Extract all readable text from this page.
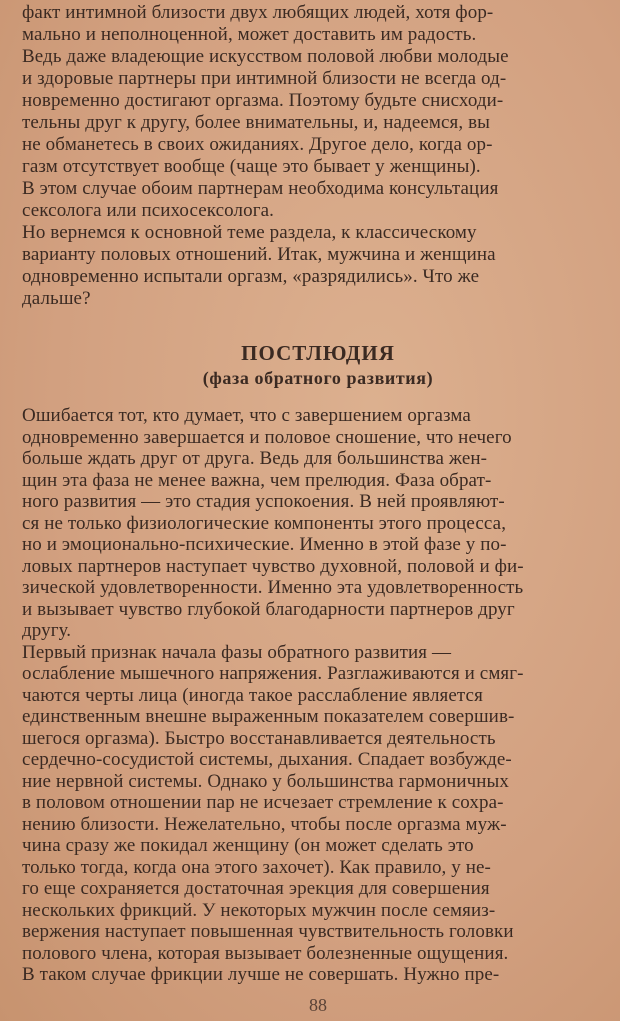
факт интимной близости двух любящих людей, хотя фор-
мально и неполноценной, может доставить им радость.
Ведь даже владеющие искусством половой любви молодые
и здоровые партнеры при интимной близости не всегда од-
новременно достигают оргазма. Поэтому будьте снисходи-
тельны друг к другу, более внимательны, и, надеемся, вы
не обманетесь в своих ожиданиях. Другое дело, когда ор-
газм отсутствует вообще (чаще это бывает у женщины).
В этом случае обоим партнерам необходима консультация
сексолога или психосексолога.
Но вернемся к основной теме раздела, к классическому
варианту половых отношений. Итак, мужчина и женщина
одновременно испытали оргазм, «разрядились». Что же
дальше?
ПОСТЛЮДИЯ
(фаза обратного развития)
Ошибается тот, кто думает, что с завершением оргазма
одновременно завершается и половое сношение, что нечего
больше ждать друг от друга. Ведь для большинства жен-
щин эта фаза не менее важна, чем прелюдия. Фаза обрат-
ного развития — это стадия успокоения. В ней проявляют-
ся не только физиологические компоненты этого процесса,
но и эмоционально-психические. Именно в этой фазе у по-
ловых партнеров наступает чувство духовной, половой и фи-
зической удовлетворенности. Именно эта удовлетворенность
и вызывает чувство глубокой благодарности партнеров друг
другу.
Первый признак начала фазы обратного развития —
ослабление мышечного напряжения. Разглаживаются и смяг-
чаются черты лица (иногда такое расслабление является
единственным внешне выраженным показателем совершив-
шегося оргазма). Быстро восстанавливается деятельность
сердечно-сосудистой системы, дыхания. Спадает возбужде-
ние нервной системы. Однако у большинства гармоничных
в половом отношении пар не исчезает стремление к сохра-
нению близости. Нежелательно, чтобы после оргазма муж-
чина сразу же покидал женщину (он может сделать это
только тогда, когда она этого захочет). Как правило, у не-
го еще сохраняется достаточная эрекция для совершения
нескольких фрикций. У некоторых мужчин после семяиз-
вержения наступает повышенная чувствительность головки
полового члена, которая вызывает болезненные ощущения.
В таком случае фрикции лучше не совершать. Нужно пре-
88
